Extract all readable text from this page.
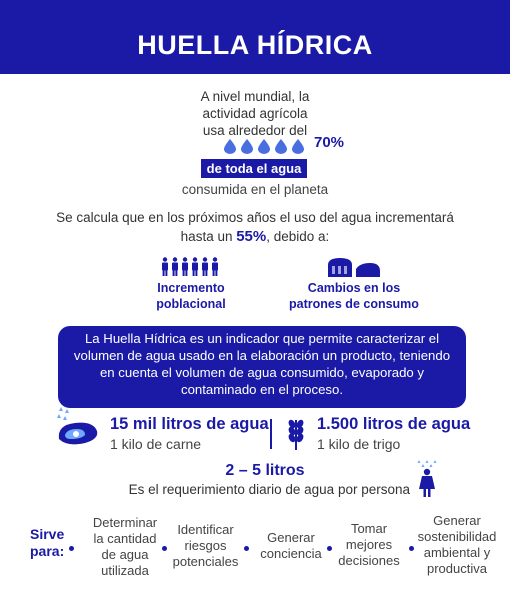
HUELLA HÍDRICA
A nivel mundial, la
actividad agrícola
usa alrededor del
70%
de toda el agua
consumida en el planeta
Se calcula que en los próximos años el uso del agua incrementará
hasta un 55%, debido a:
Incremento
poblacional
Cambios en los
patrones de consumo
La Huella Hídrica es un indicador que permite caracterizar el
volumen de agua usado en la elaboración un producto, teniendo
en cuenta el volumen de agua consumido, evaporado y
contaminado en el proceso.
15 mil litros de agua
1 kilo de carne
1.500 litros de agua
1 kilo de trigo
2 – 5 litros
Es el requerimiento diario de agua por persona
Sirve
para:
Determinar
la cantidad
de agua
utilizada
Identificar
riesgos
potenciales
Generar
conciencia
Tomar
mejores
decisiones
Generar
sostenibilidad
ambiental y
productiva
